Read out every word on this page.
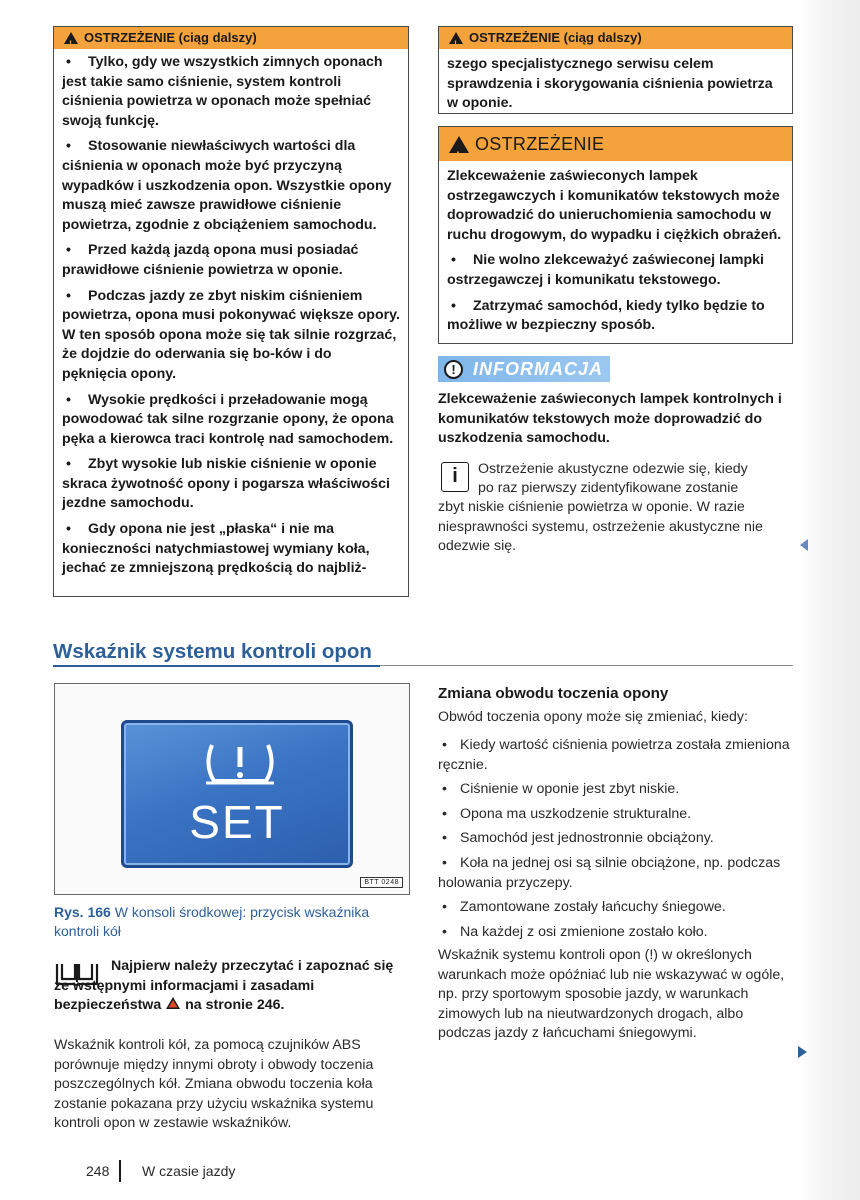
!
OSTRZEŻENIE (ciąg dalszy)

• Tylko, gdy we wszystkich zimnych oponach jest takie samo ciśnienie, system kontroli ciśnienia powietrza w oponach może spełniać swoją funkcję.

• Stosowanie niewłaściwych wartości dla ciśnienia w oponach może być przyczyną wypadków i uszkodzenia opon. Wszystkie opony muszą mieć zawsze prawidłowe ciśnienie powietrza, zgodnie z obciążeniem samochodu.

• Przed każdą jazdą opona musi posiadać prawidłowe ciśnienie powietrza w oponie.

• Podczas jazdy ze zbyt niskim ciśnieniem powietrza, opona musi pokonywać większe opory. W ten sposób opona może się tak silnie rozgrzać, że dojdzie do oderwania się bo-ków i do pęknięcia opony.

• Wysokie prędkości i przeładowanie mogą powodować tak silne rozgrzanie opony, że opona pęka a kierowca traci kontrolę nad samochodem.

• Zbyt wysokie lub niskie ciśnienie w oponie skraca żywotność opony i pogarsza właściwości jezdne samochodu.

• Gdy opona nie jest „płaska“ i nie ma konieczności natychmiastowej wymiany koła, jechać ze zmniejszoną prędkością do najbliż-

!
OSTRZEŻENIE (ciąg dalszy)

szego specjalistycznego serwisu celem sprawdzenia i skorygowania ciśnienia powietrza w oponie.

!
OSTRZEŻENIE

Zlekceważenie zaświeconych lampek ostrzegawczych i komunikatów tekstowych może doprowadzić do unieruchomienia samochodu w ruchu drogowym, do wypadku i ciężkich obrażeń.

• Nie wolno zlekceważyć zaświeconej lampki ostrzegawczej i komunikatu tekstowego.

• Zatrzymać samochód, kiedy tylko będzie to możliwe w bezpieczny sposób.

! INFORMACJA
Zlekceważenie zaświeconych lampek kontrolnych i komunikatów tekstowych może doprowadzić do uszkodzenia samochodu.
i	Ostrzeżenie akustyczne odezwie się, kiedy
po raz pierwszy zidentyfikowane zostanie
zbyt niskie ciśnienie powietrza w oponie. W razie niesprawności systemu, ostrzeżenie akustyczne nie odezwie się.
Wskaźnik systemu kontroli opon
SET
BTT 0248
Rys. 166 W konsoli środkowej: przycisk wskaźnika kontroli kół
Najpierw należy przeczytać i zapoznać się ze wstępnymi informacjami i zasadami bezpieczeństwa na stronie 246.
Wskaźnik kontroli kół, za pomocą czujników ABS porównuje między innymi obroty i obwody toczenia poszczególnych kół. Zmiana obwodu toczenia koła zostanie pokazana przy użyciu wskaźnika systemu kontroli opon w zestawie wskaźników.
Zmiana obwodu toczenia opony
Obwód toczenia opony może się zmieniać, kiedy:
• Kiedy wartość ciśnienia powietrza została zmieniona ręcznie.
• Ciśnienie w oponie jest zbyt niskie.
• Opona ma uszkodzenie strukturalne.
• Samochód jest jednostronnie obciążony.
• Koła na jednej osi są silnie obciążone, np. podczas holowania przyczepy.
• Zamontowane zostały łańcuchy śniegowe.
• Na każdej z osi zmienione zostało koło.
Wskaźnik systemu kontroli opon (!) w określonych warunkach może opóźniać lub nie wskazywać w ogóle, np. przy sportowym sposobie jazdy, w warunkach zimowych lub na nieutwardzonych drogach, albo podczas jazdy z łańcuchami śniegowymi.
248 W czasie jazdy
